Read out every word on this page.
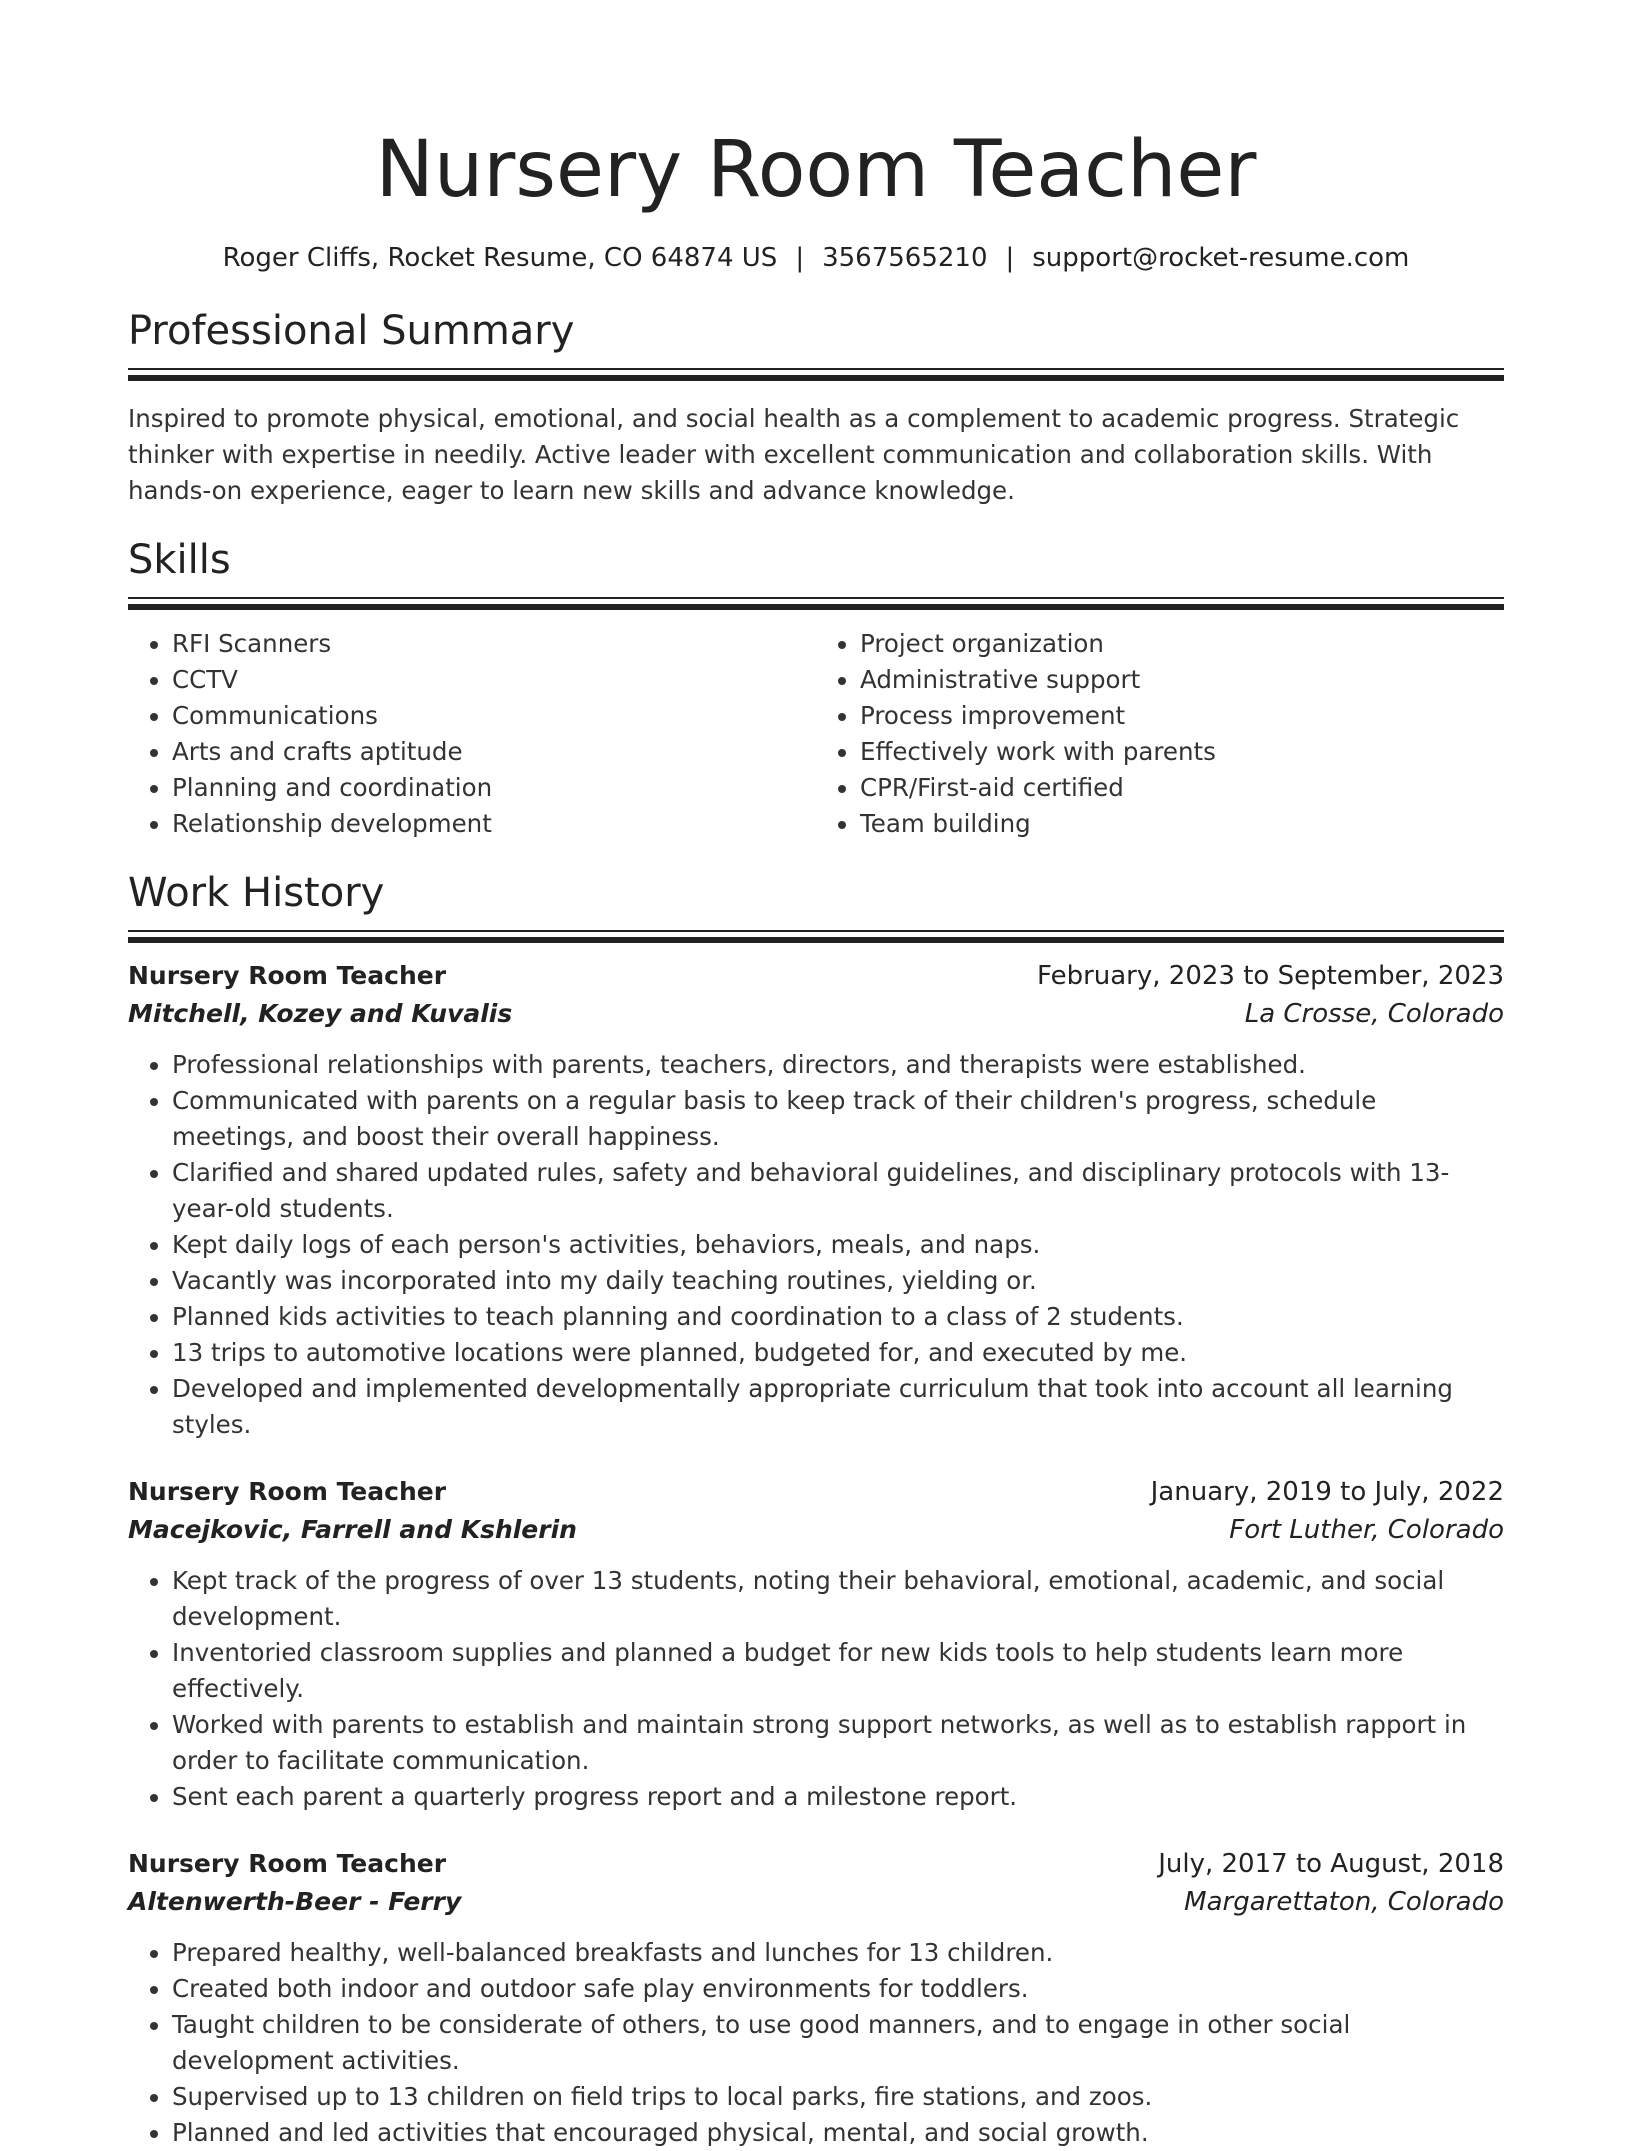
Nursery Room Teacher
Roger Cliffs, Rocket Resume, CO 64874 US | 3567565210 | support@rocket-resume.com
Professional Summary

Inspired to promote physical, emotional, and social health as a complement to academic progress. Strategic thinker with expertise in needily. Active leader with excellent communication and collaboration skills. With hands-on experience, eager to learn new skills and advance knowledge.

Skills
• RFI Scanners
• CCTV
• Communications
• Arts and crafts aptitude
• Planning and coordination
• Relationship development
• Project organization
• Administrative support
• Process improvement
• Effectively work with parents
• CPR/First-aid certified
• Team building
Work History
Nursery Room Teacher	February, 2023 to September, 2023
Mitchell, Kozey and Kuvalis	La Crosse, Colorado
• Professional relationships with parents, teachers, directors, and therapists were established.
• Communicated with parents on a regular basis to keep track of their children's progress, schedule meetings, and boost their overall happiness.
• Clarified and shared updated rules, safety and behavioral guidelines, and disciplinary protocols with 13-year-old students.
• Kept daily logs of each person's activities, behaviors, meals, and naps.
• Vacantly was incorporated into my daily teaching routines, yielding or.
• Planned kids activities to teach planning and coordination to a class of 2 students.
• 13 trips to automotive locations were planned, budgeted for, and executed by me.
• Developed and implemented developmentally appropriate curriculum that took into account all learning styles.
Nursery Room Teacher	January, 2019 to July, 2022
Macejkovic, Farrell and Kshlerin	Fort Luther, Colorado
• Kept track of the progress of over 13 students, noting their behavioral, emotional, academic, and social development.
• Inventoried classroom supplies and planned a budget for new kids tools to help students learn more effectively.
• Worked with parents to establish and maintain strong support networks, as well as to establish rapport in order to facilitate communication.
• Sent each parent a quarterly progress report and a milestone report.
Nursery Room Teacher	July, 2017 to August, 2018
Altenwerth-Beer - Ferry	Margarettaton, Colorado
• Prepared healthy, well-balanced breakfasts and lunches for 13 children.
• Created both indoor and outdoor safe play environments for toddlers.
• Taught children to be considerate of others, to use good manners, and to engage in other social development activities.
• Supervised up to 13 children on field trips to local parks, fire stations, and zoos.
• Planned and led activities that encouraged physical, mental, and social growth.
